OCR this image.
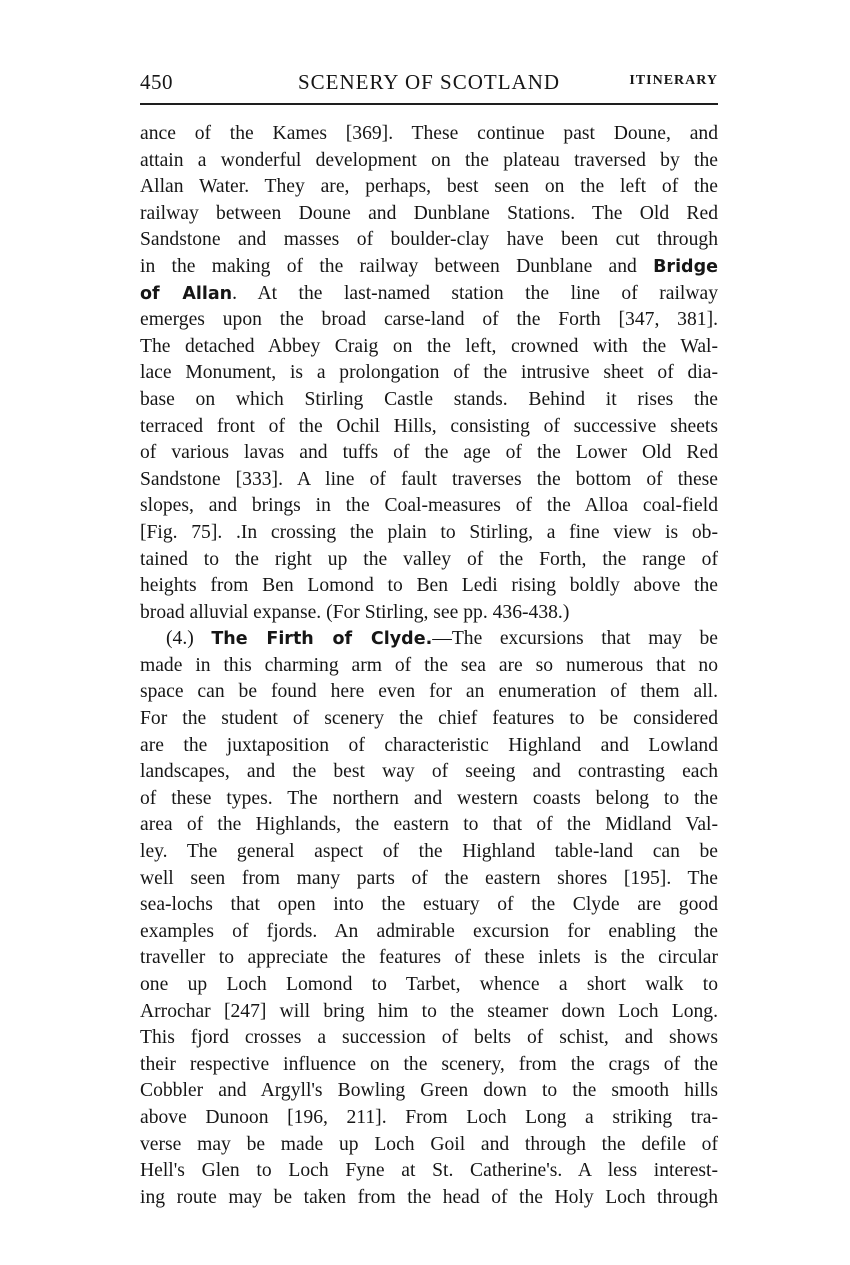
450	SCENERY OF SCOTLAND	ITINERARY
ance of the Kames [369]. These continue past Doune, and
attain a wonderful development on the plateau traversed by the
Allan Water. They are, perhaps, best seen on the left of the
railway between Doune and Dunblane Stations. The Old Red
Sandstone and masses of boulder-clay have been cut through
in the making of the railway between Dunblane and Bridge
of Allan. At the last-named station the line of railway
emerges upon the broad carse-land of the Forth [347, 381].
The detached Abbey Craig on the left, crowned with the Wal-
lace Monument, is a prolongation of the intrusive sheet of dia-
base on which Stirling Castle stands. Behind it rises the
terraced front of the Ochil Hills, consisting of successive sheets
of various lavas and tuffs of the age of the Lower Old Red
Sandstone [333]. A line of fault traverses the bottom of these
slopes, and brings in the Coal-measures of the Alloa coal-field
[Fig. 75]. .In crossing the plain to Stirling, a fine view is ob-
tained to the right up the valley of the Forth, the range of
heights from Ben Lomond to Ben Ledi rising boldly above the
broad alluvial expanse. (For Stirling, see pp. 436-438.)
(4.) The Firth of Clyde.—The excursions that may be
made in this charming arm of the sea are so numerous that no
space can be found here even for an enumeration of them all.
For the student of scenery the chief features to be considered
are the juxtaposition of characteristic Highland and Lowland
landscapes, and the best way of seeing and contrasting each
of these types. The northern and western coasts belong to the
area of the Highlands, the eastern to that of the Midland Val-
ley. The general aspect of the Highland table-land can be
well seen from many parts of the eastern shores [195]. The
sea-lochs that open into the estuary of the Clyde are good
examples of fjords. An admirable excursion for enabling the
traveller to appreciate the features of these inlets is the circular
one up Loch Lomond to Tarbet, whence a short walk to
Arrochar [247] will bring him to the steamer down Loch Long.
This fjord crosses a succession of belts of schist, and shows
their respective influence on the scenery, from the crags of the
Cobbler and Argyll's Bowling Green down to the smooth hills
above Dunoon [196, 211]. From Loch Long a striking tra-
verse may be made up Loch Goil and through the defile of
Hell's Glen to Loch Fyne at St. Catherine's. A less interest-
ing route may be taken from the head of the Holy Loch through
